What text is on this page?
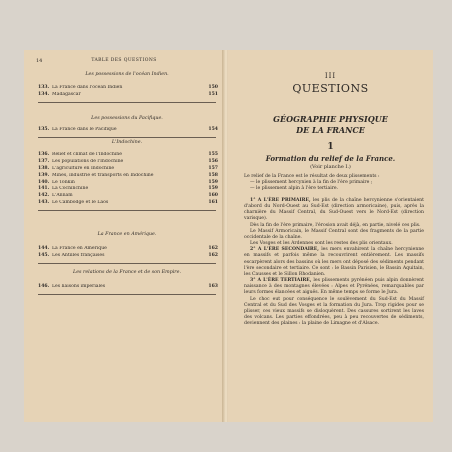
14	TABLE DES QUESTIONS
Les possessions de l'océan Indien.
133. La France dans l'océan Indien	150
134. Madagascar	151
Les possessions du Pacifique.
135. La France dans le Pacifique	154
L'Indochine.
136. Relief et climat de l'Indochine	155
137. Les populations de l'Indochine	156
138. L'agriculture en Indochine	157
139. Mines, industrie et transports en Indochine	158
140. Le Tonkin	159
141. La Cochinchine	159
142. L'Annam	160
143. Le Cambodge et le Laos	161
La France en Amérique.
144. La France en Amérique	162
145. Les Antilles françaises	162
Les relations de la France et de son Empire.
146. Les liaisons impériales	163
III
QUESTIONS
GÉOGRAPHIE PHYSIQUE
DE LA FRANCE
1
Formation du relief de la France.
(Voir planche I.)

Le relief de la France est le résultat de deux plissements :

— le plissement hercynien à la fin de l'ère primaire ;

— le plissement alpin à l'ère tertiaire.

1° A L'ÈRE PRIMAIRE, les plis de la chaîne hercynienne s'orientaient d'abord du Nord-Ouest au Sud-Est (direction armoricaine), puis, après la charnière du Massif Central, du Sud-Ouest vers le Nord-Est (direction varisque).

Dès la fin de l'ère primaire, l'érosion avait déjà, en partie, nivelé ces plis.

Le Massif Armoricain, le Massif Central sont des fragments de la partie occidentale de la chaîne.

Les Vosges et les Ardennes sont les restes des plis orientaux.

2° A L'ÈRE SECONDAIRE, les mers envahirent la chaîne hercynienne en massifs et parfois même la recouvrirent entièrement. Les massifs escarpèrent alors des bassins où les mers ont déposé des sédiments pendant l'ère secondaire et tertiaire. Ce sont : le Bassin Parisien, le Bassin Aquitain, les Causses et le Sillon Rhodanien.

3° A L'ÈRE TERTIAIRE, les plissements pyrénéen puis alpin donnèrent naissance à des montagnes élevées : Alpes et Pyrénées, remarquables par leurs formes élancées et aiguës. En même temps se forme le Jura.

Le choc eut pour conséquence le soulèvement du Sud-Est du Massif Central et du Sud des Vosges et la formation du Jura. Trop rigides pour se plisser, ces vieux massifs se disloquèrent. Des cassures sortirent les laves des volcans. Les parties effondrées, peu à peu recouvertes de sédiments, deviennent des plaines : la plaine de Limagne et d'Alsace.
